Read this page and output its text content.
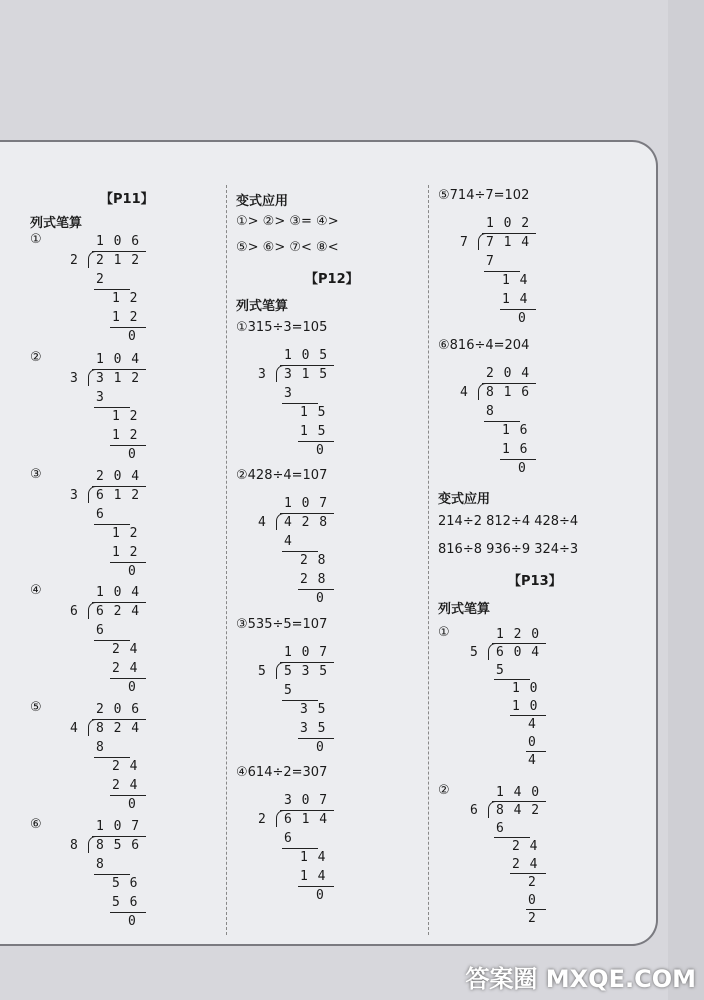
【P11】
列式笔算
①	1 0 6
2 2 1 2
2
1 2
1 2
0
②	1 0 4
3 3 1 2
3
1 2
1 2
0
③	2 0 4
3 6 1 2
6
1 2
1 2
0
④	1 0 4
6 6 2 4
6
2 4
2 4
0
⑤	2 0 6
4 8 2 4
8
2 4
2 4
0
⑥	1 0 7
8 8 5 6
8
5 6
5 6
0
变式应用
①> ②> ③= ④>
⑤> ⑥> ⑦< ⑧<
【P12】
列式笔算
①315÷3=105
1 0 5
3 3 1 5
3
1 5
1 5
0
②428÷4=107
1 0 7
4 4 2 8
4
2 8
2 8
0
③535÷5=107
1 0 7
5 5 3 5
5
3 5
3 5
0
④614÷2=307
3 0 7
2 6 1 4
6
1 4
1 4
0
⑤714÷7=102
1 0 2
7 7 1 4
7
1 4
1 4
0
⑥816÷4=204
2 0 4
4 8 1 6
8
1 6
1 6
0
变式应用
214÷2 812÷4 428÷4
816÷8 936÷9 324÷3
【P13】
列式笔算
①	1 2 0
5 6 0 4
5
1 0
1 0
4
0
4
②	1 4 0
6 8 4 2
6
2 4
2 4
2
0
2
答案圈 MXQE.COM
